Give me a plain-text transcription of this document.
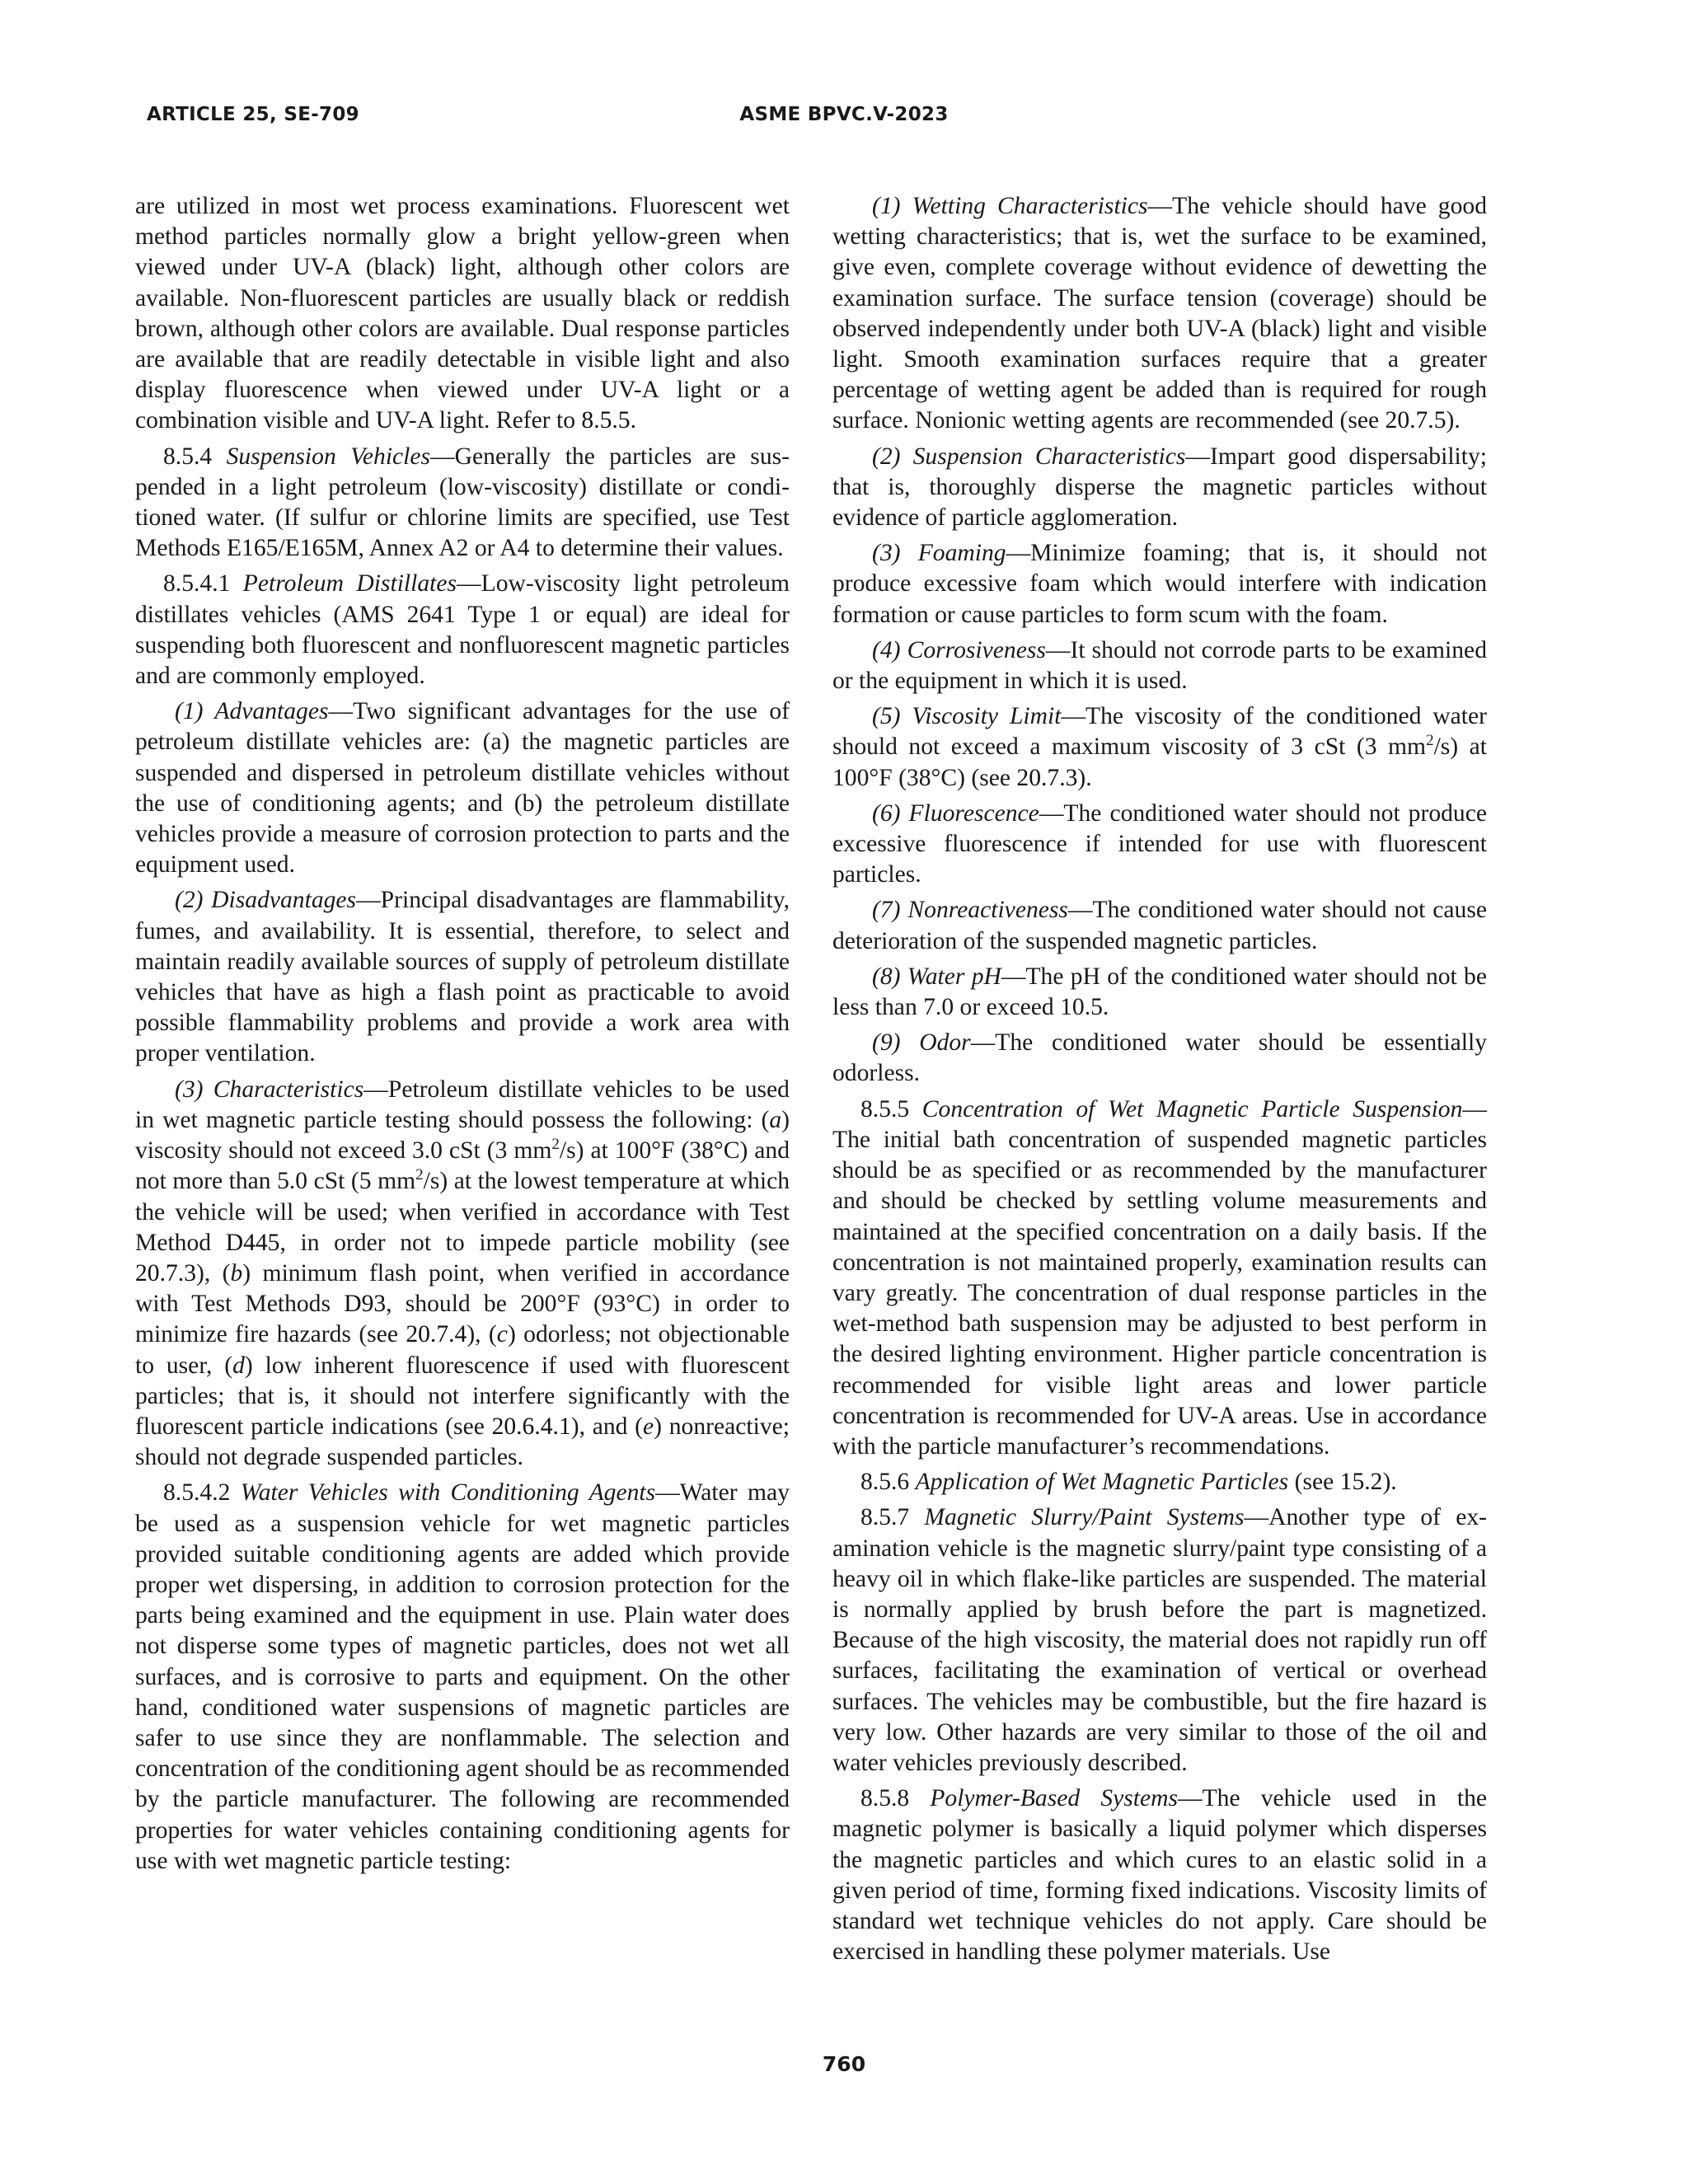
ARTICLE 25, SE-709	ASME BPVC.V-2023

are utilized in most wet process examinations. Fluorescent wet method particles normally glow a bright yellow-green when viewed under UV-A (black) light, although other colors are available. Non-fluorescent particles are usually black or reddish brown, although other colors are available. Dual response particles are available that are readily detectable in visible light and also display fluorescence when viewed under UV-A light or a combination visible and UV-A light. Refer to 8.5.5.

8.5.4 Suspension Vehicles—Generally the particles are suspended in a light petroleum (low-viscosity) distillate or conditioned water. (If sulfur or chlorine limits are specified, use Test Methods E165/E165M, Annex A2 or A4 to determine their values.

8.5.4.1 Petroleum Distillates—Low-viscosity light petroleum distillates vehicles (AMS 2641 Type 1 or equal) are ideal for suspending both fluorescent and nonfluorescent magnetic particles and are commonly employed.

(1) Advantages—Two significant advantages for the use of petroleum distillate vehicles are: (a) the magnetic particles are suspended and dispersed in petroleum distillate vehicles without the use of conditioning agents; and (b) the petroleum distillate vehicles provide a measure of corrosion protection to parts and the equipment used.

(2) Disadvantages—Principal disadvantages are flammability, fumes, and availability. It is essential, therefore, to select and maintain readily available sources of supply of petroleum distillate vehicles that have as high a flash point as practicable to avoid possible flammability problems and provide a work area with proper ventilation.

(3) Characteristics—Petroleum distillate vehicles to be used in wet magnetic particle testing should possess the following: (a) viscosity should not exceed 3.0 cSt (3 $mm^2/s$) at 100°F (38°C) and not more than 5.0 cSt (5 $mm^2/s$) at the lowest temperature at which the vehicle will be used; when verified in accordance with Test Method D445, in order not to impede particle mobility (see 20.7.3), (b) minimum flash point, when verified in accordance with Test Methods D93, should be 200°F (93°C) in order to minimize fire hazards (see 20.7.4), (c) odorless; not objectionable to user, (d) low inherent fluorescence if used with fluorescent particles; that is, it should not interfere significantly with the fluorescent particle indications (see 20.6.4.1), and (e) nonreactive; should not degrade suspended particles.

8.5.4.2 Water Vehicles with Conditioning Agents—Water may be used as a suspension vehicle for wet magnetic particles provided suitable conditioning agents are added which provide proper wet dispersing, in addition to corrosion protection for the parts being examined and the equipment in use. Plain water does not disperse some types of magnetic particles, does not wet all surfaces, and is corrosive to parts and equipment. On the other hand, conditioned water suspensions of magnetic particles are safer to use since they are nonflammable. The selection and concentration of the conditioning agent should be as recommended by the particle manufacturer. The following are recommended properties for water vehicles containing conditioning agents for use with wet magnetic particle testing:

(1) Wetting Characteristics—The vehicle should have good wetting characteristics; that is, wet the surface to be examined, give even, complete coverage without evidence of dewetting the examination surface. The surface tension (coverage) should be observed independently under both UV-A (black) light and visible light. Smooth examination surfaces require that a greater percentage of wetting agent be added than is required for rough surface. Nonionic wetting agents are recommended (see 20.7.5).

(2) Suspension Characteristics—Impart good dispersability; that is, thoroughly disperse the magnetic particles without evidence of particle agglomeration.

(3) Foaming—Minimize foaming; that is, it should not produce excessive foam which would interfere with indication formation or cause particles to form scum with the foam.

(4) Corrosiveness—It should not corrode parts to be examined or the equipment in which it is used.

(5) Viscosity Limit—The viscosity of the conditioned water should not exceed a maximum viscosity of 3 cSt (3 $mm^2/s$) at 100°F (38°C) (see 20.7.3).

(6) Fluorescence—The conditioned water should not produce excessive fluorescence if intended for use with fluorescent particles.

(7) Nonreactiveness—The conditioned water should not cause deterioration of the suspended magnetic particles.

(8) Water pH—The pH of the conditioned water should not be less than 7.0 or exceed 10.5.

(9) Odor—The conditioned water should be essentially odorless.

8.5.5 Concentration of Wet Magnetic Particle Suspension— The initial bath concentration of suspended magnetic particles should be as specified or as recommended by the manufacturer and should be checked by settling volume measurements and maintained at the specified concentration on a daily basis. If the concentration is not maintained properly, examination results can vary greatly. The concentration of dual response particles in the wet-method bath suspension may be adjusted to best perform in the desired lighting environment. Higher particle concentration is recommended for visible light areas and lower particle concentration is recommended for UV-A areas. Use in accordance with the particle manufacturer’s recommendations.

8.5.6 Application of Wet Magnetic Particles (see 15.2).

8.5.7 Magnetic Slurry/Paint Systems—Another type of examination vehicle is the magnetic slurry/paint type consisting of a heavy oil in which flake-like particles are suspended. The material is normally applied by brush before the part is magnetized. Because of the high viscosity, the material does not rapidly run off surfaces, facilitating the examination of vertical or overhead surfaces. The vehicles may be combustible, but the fire hazard is very low. Other hazards are very similar to those of the oil and water vehicles previously described.

8.5.8 Polymer-Based Systems—The vehicle used in the magnetic polymer is basically a liquid polymer which disperses the magnetic particles and which cures to an elastic solid in a given period of time, forming fixed indications. Viscosity limits of standard wet technique vehicles do not apply. Care should be exercised in handling these polymer materials. Use

760
